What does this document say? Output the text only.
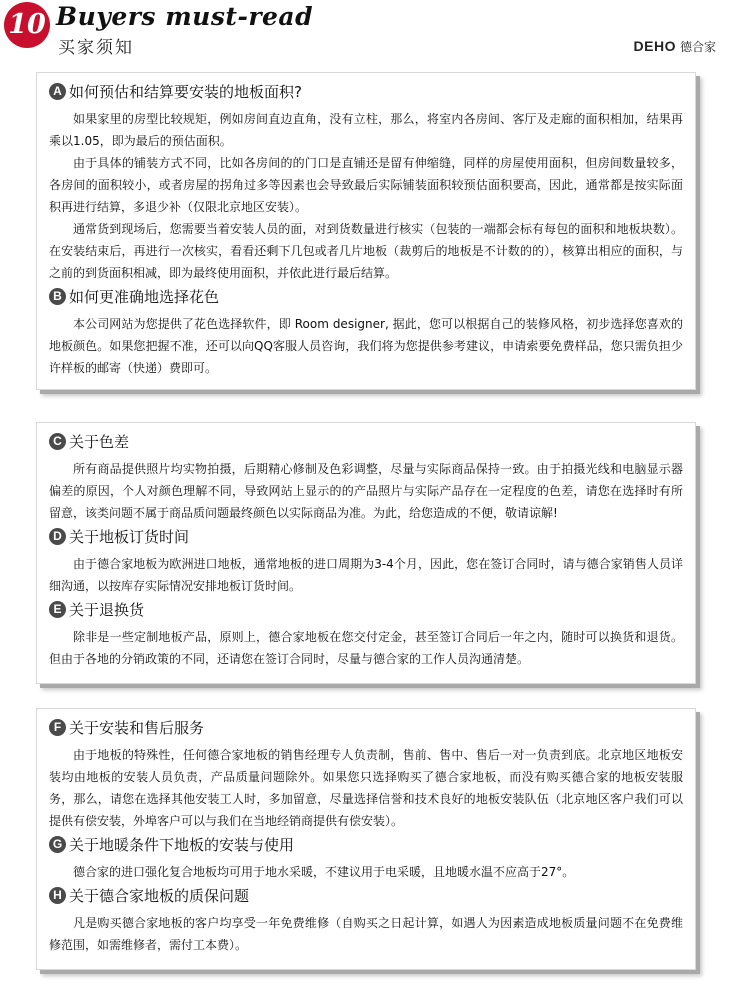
10 Buyers must-read
买家须知	DEHO 德合家
A 如何预估和结算要安装的地板面积?

如果家里的房型比较规矩，例如房间直边直角，没有立柱，那么，将室内各房间、客厅及走廊的面积相加，结果再乘以1.05，即为最后的预估面积。

由于具体的铺装方式不同，比如各房间的的门口是直铺还是留有伸缩缝，同样的房屋使用面积，但房间数量较多，各房间的面积较小，或者房屋的拐角过多等因素也会导致最后实际铺装面积较预估面积要高，因此，通常都是按实际面积再进行结算，多退少补（仅限北京地区安装）。

通常货到现场后，您需要当着安装人员的面，对到货数量进行核实（包装的一端都会标有每包的面积和地板块数）。在安装结束后，再进行一次核实，看看还剩下几包或者几片地板（裁剪后的地板是不计数的的），核算出相应的面积，与之前的到货面积相减，即为最终使用面积，并依此进行最后结算。

B 如何更准确地选择花色

本公司网站为您提供了花色选择软件，即 Room designer, 据此，您可以根据自己的装修风格，初步选择您喜欢的地板颜色。如果您把握不准，还可以向QQ客服人员咨询，我们将为您提供参考建议，申请索要免费样品，您只需负担少许样板的邮寄（快递）费即可。

C 关于色差

所有商品提供照片均实物拍摄，后期精心修制及色彩调整，尽量与实际商品保持一致。由于拍摄光线和电脑显示器偏差的原因，个人对颜色理解不同，导致网站上显示的的产品照片与实际产品存在一定程度的色差，请您在选择时有所留意，该类问题不属于商品质问题最终颜色以实际商品为准。为此，给您造成的不便，敬请谅解!

D 关于地板订货时间

由于德合家地板为欧洲进口地板，通常地板的进口周期为3-4个月，因此，您在签订合同时，请与德合家销售人员详细沟通，以按库存实际情况安排地板订货时间。

E 关于退换货

除非是一些定制地板产品，原则上，德合家地板在您交付定金，甚至签订合同后一年之内，随时可以换货和退货。但由于各地的分销政策的不同，还请您在签订合同时，尽量与德合家的工作人员沟通清楚。

F 关于安装和售后服务

由于地板的特殊性，任何德合家地板的销售经理专人负责制，售前、售中、售后一对一负责到底。北京地区地板安装均由地板的安装人员负责，产品质量问题除外。如果您只选择购买了德合家地板，而没有购买德合家的地板安装服务，那么，请您在选择其他安装工人时，多加留意，尽量选择信誉和技术良好的地板安装队伍（北京地区客户我们可以提供有偿安装，外埠客户可以与我们在当地经销商提供有偿安装）。

G 关于地暖条件下地板的安装与使用

德合家的进口强化复合地板均可用于地水采暖，不建议用于电采暖，且地暖水温不应高于27°。

H 关于德合家地板的质保问题

凡是购买德合家地板的客户均享受一年免费维修（自购买之日起计算，如遇人为因素造成地板质量问题不在免费维修范围，如需维修者，需付工本费）。
